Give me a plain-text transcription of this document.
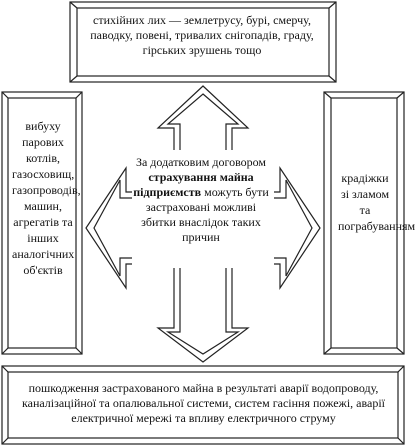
стихійних лих — землетрусу, бурі, смерчу, паводку, повені, тривалих снігопадів, граду, гірських зрушень тощо
вибуху парових котлів, газосховищ, газопроводів, машин, агрегатів та інших аналогічних об'єктів
крадіжки зі зламом та пограбуванням
пошкодження застрахованого майна в результаті аварії водопроводу, каналізаційної та опалювальної системи, систем гасіння пожежі, аварії електричної мережі та впливу електричного струму
За додатковим договором страхування майна підприємств можуть бути застраховані можливі збитки внаслідок таких причин
